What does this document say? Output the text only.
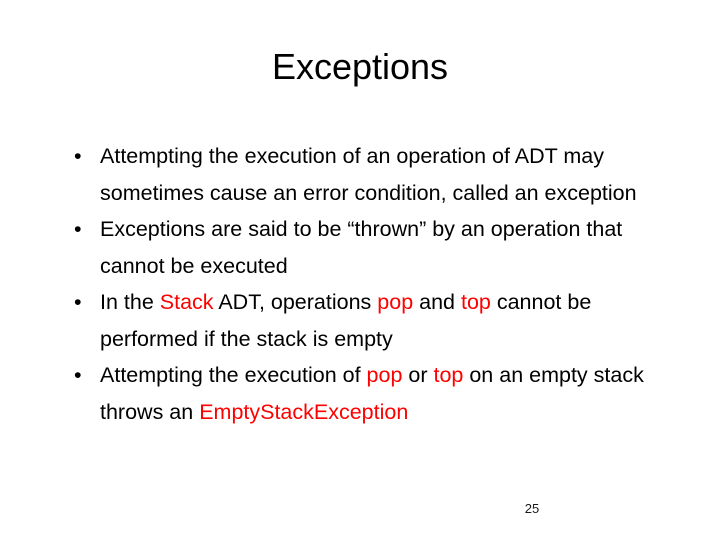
Exceptions
• Attempting the execution of an operation of ADT may sometimes cause an error condition, called an exception
• Exceptions are said to be “thrown” by an operation that cannot be executed
• In the Stack ADT, operations pop and top cannot be performed if the stack is empty
• Attempting the execution of pop or top on an empty stack throws an EmptyStackException
25
